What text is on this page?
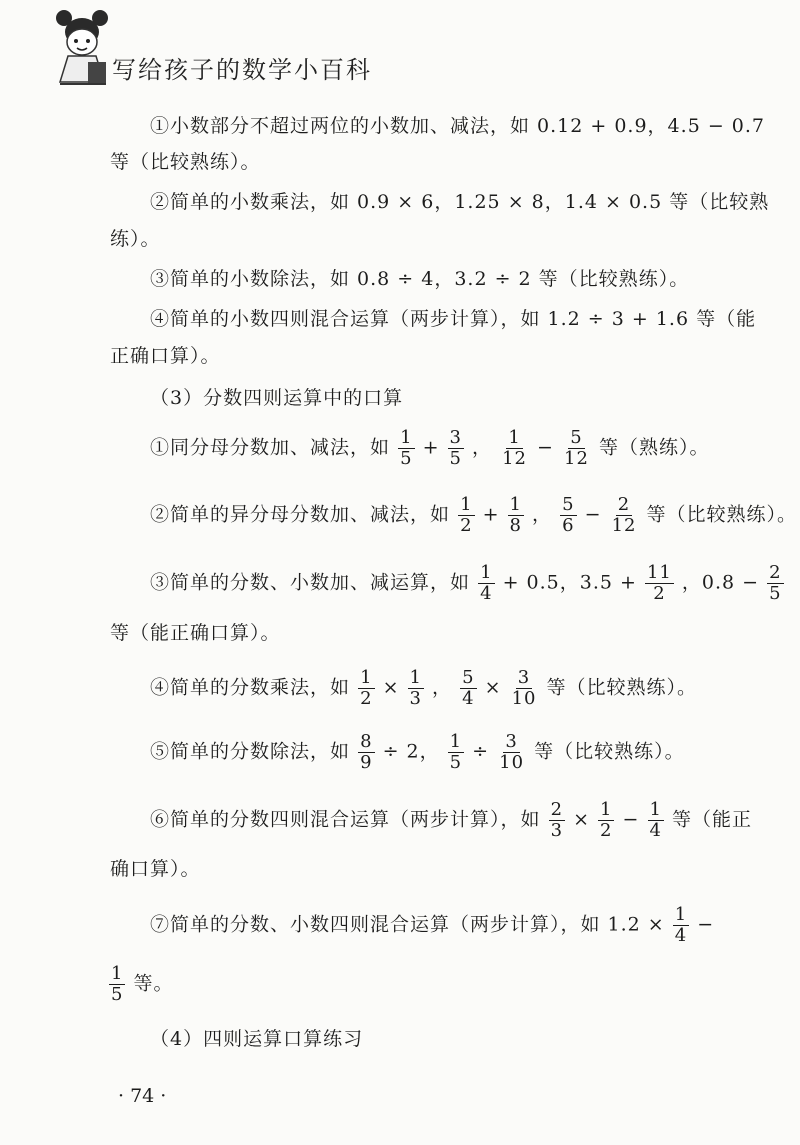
写给孩子的数学小百科
①小数部分不超过两位的小数加、减法，如 0.12 + 0.9，4.5 − 0.7
等（比较熟练）。
②简单的小数乘法，如 0.9 × 6，1.25 × 8，1.4 × 0.5 等（比较熟
练）。
③简单的小数除法，如 0.8 ÷ 4，3.2 ÷ 2 等（比较熟练）。
④简单的小数四则混合运算（两步计算），如 1.2 ÷ 3 + 1.6 等（能
正确口算）。
（3）分数四则运算中的口算
①同分母分数加、减法，如 $\frac{1}{5} + \frac{3}{5}$ ， $\frac{1}{12} - \frac{5}{12}$ 等（熟练）。
②简单的异分母分数加、减法，如 $\frac{1}{2} + \frac{1}{8}$ ， $\frac{5}{6} - \frac{2}{12}$ 等（比较熟练）。
③简单的分数、小数加、减运算，如 $\frac{1}{4} + 0.5$，$3.5 + \frac{11}{2}$ ，$0.8 - \frac{2}{5}$
等（能正确口算）。
④简单的分数乘法，如 $\frac{1}{2} \times \frac{1}{3}$ ， $\frac{5}{4} \times \frac{3}{10}$ 等（比较熟练）。
⑤简单的分数除法，如 $\frac{8}{9} \div 2$， $\frac{1}{5} \div \frac{3}{10}$ 等（比较熟练）。
⑥简单的分数四则混合运算（两步计算），如 $\frac{2}{3} \times \frac{1}{2} - \frac{1}{4}$ 等（能正
确口算）。
⑦简单的分数、小数四则混合运算（两步计算），如 $1.2 \times \frac{1}{4}$ −
$\frac{1}{5}$ 等。
（4）四则运算口算练习
· 74 ·
